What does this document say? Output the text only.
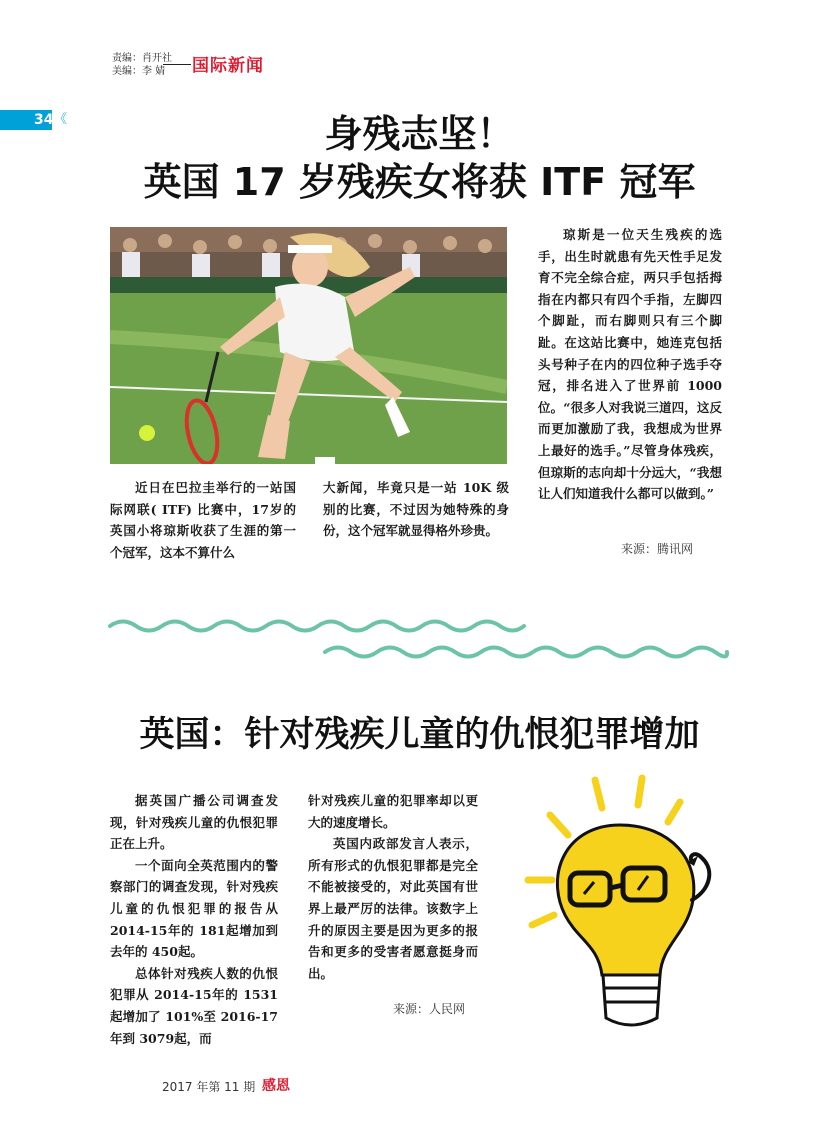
责编：肖开社
美编：李 婧	国际新闻
34 《	身残志坚！
英国 17 岁残疾女将获 ITF 冠军
近日在巴拉圭举行的一站国际网联( ITF) 比赛中，17岁的英国小将琼斯收获了生涯的第一个冠军，这本不算什么
大新闻，毕竟只是一站 10K 级别的比赛，不过因为她特殊的身份，这个冠军就显得格外珍贵。
琼斯是一位天生残疾的选手，出生时就患有先天性手足发育不完全综合症，两只手包括拇指在内都只有四个手指，左脚四个脚趾，而右脚则只有三个脚趾。在这站比赛中，她连克包括头号种子在内的四位种子选手夺冠，排名进入了世界前 1000 位。“很多人对我说三道四，这反而更加激励了我，我想成为世界上最好的选手。”尽管身体残疾，但琼斯的志向却十分远大，“我想让人们知道我什么都可以做到。”
来源：腾讯网
英国：针对残疾儿童的仇恨犯罪增加
据英国广播公司调查发现，针对残疾儿童的仇恨犯罪正在上升。
一个面向全英范围内的警察部门的调查发现，针对残疾儿童的仇恨犯罪的报告从 2014-15年的 181起增加到去年的 450起。
总体针对残疾人数的仇恨犯罪从 2014-15年的 1531起增加了 101%至 2016-17年到 3079起，而
针对残疾儿童的犯罪率却以更大的速度增长。
英国内政部发言人表示，所有形式的仇恨犯罪都是完全不能被接受的，对此英国有世界上最严厉的法律。该数字上升的原因主要是因为更多的报告和更多的受害者愿意挺身而出。
来源：人民网
2017 年第 11 期 感恩
